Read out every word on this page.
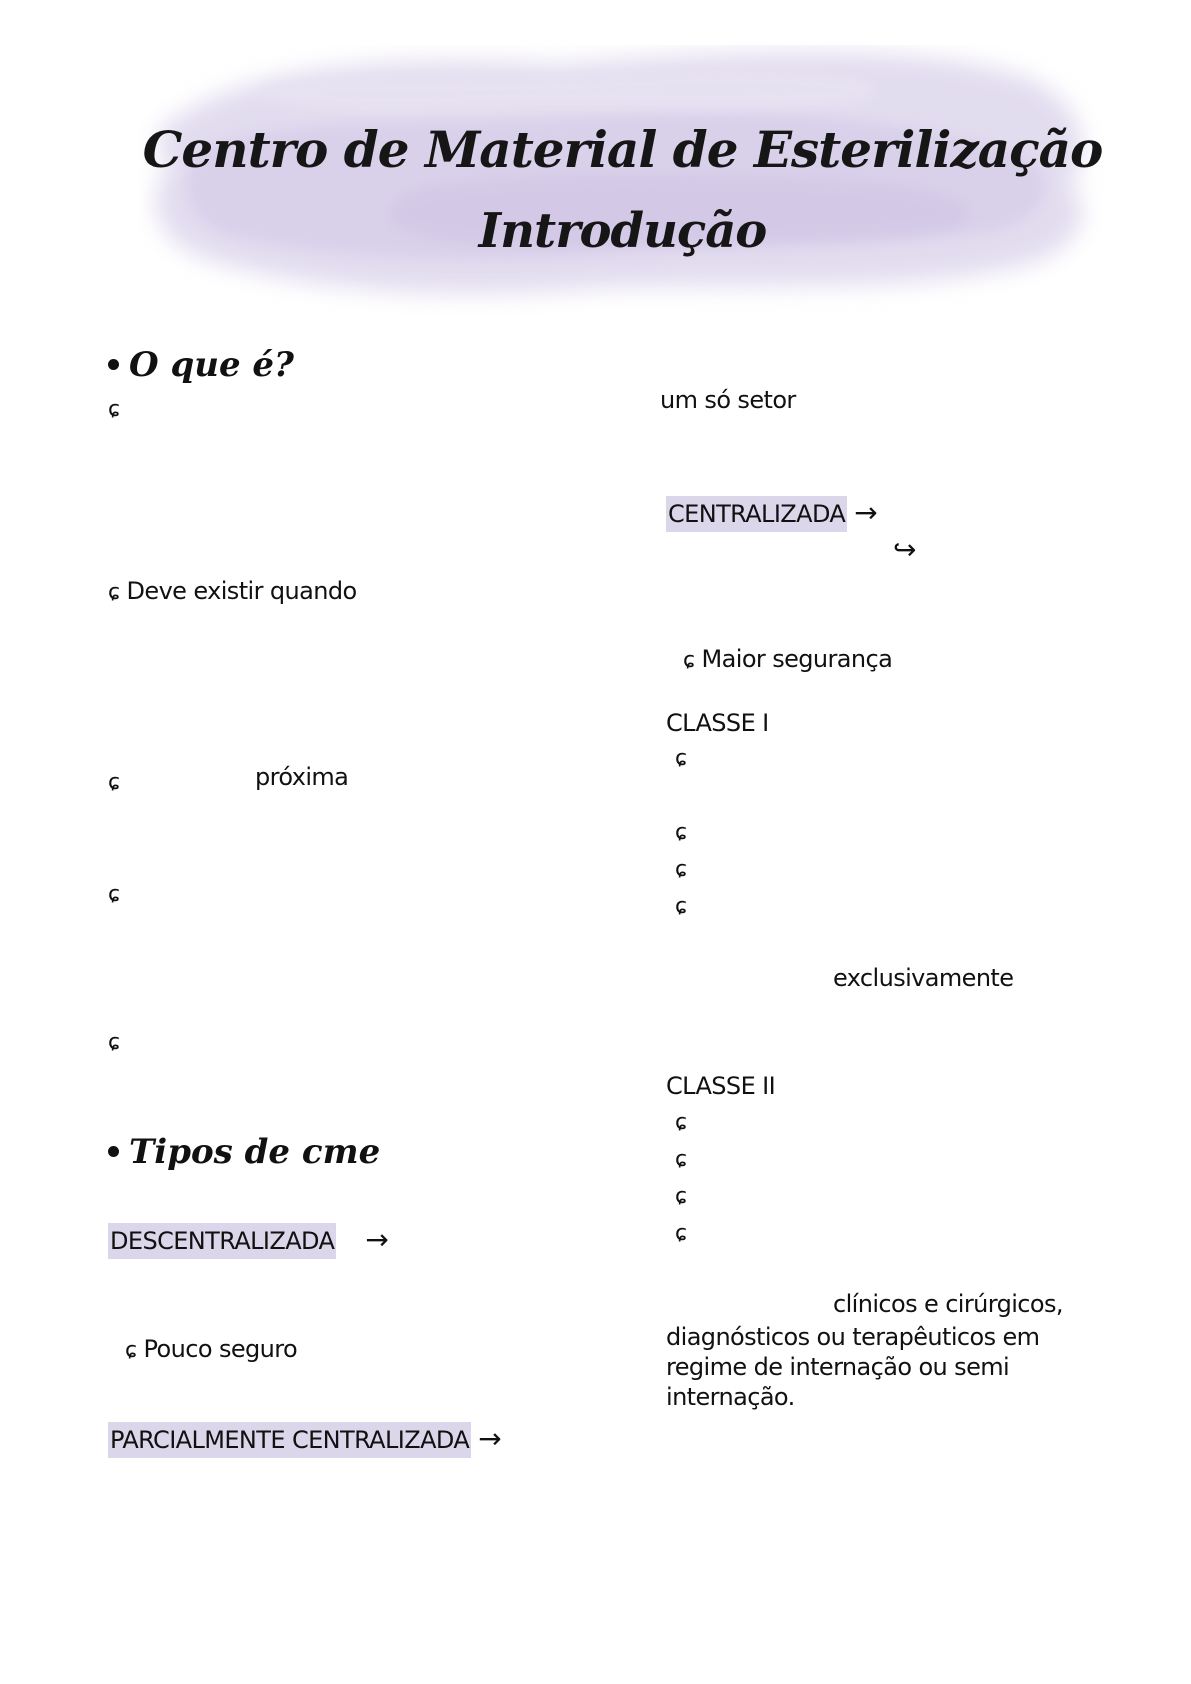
Centro de Material de Esterilização
Introdução
O que é?
ɕ
ɕ Deve existir quando
ɕ	próxima
ɕ
ɕ
Tipos de cme
DESCENTRALIZADA →
ɕ Pouco seguro
PARCIALMENTE CENTRALIZADA →
um só setor
CENTRALIZADA →
↪
ɕ Maior segurança
CLASSE I
ɕ
ɕ
ɕ
ɕ
exclusivamente
CLASSE II
ɕ
ɕ
ɕ
ɕ
clínicos e cirúrgicos,
diagnósticos ou terapêuticos em regime de internação ou semi internação.
